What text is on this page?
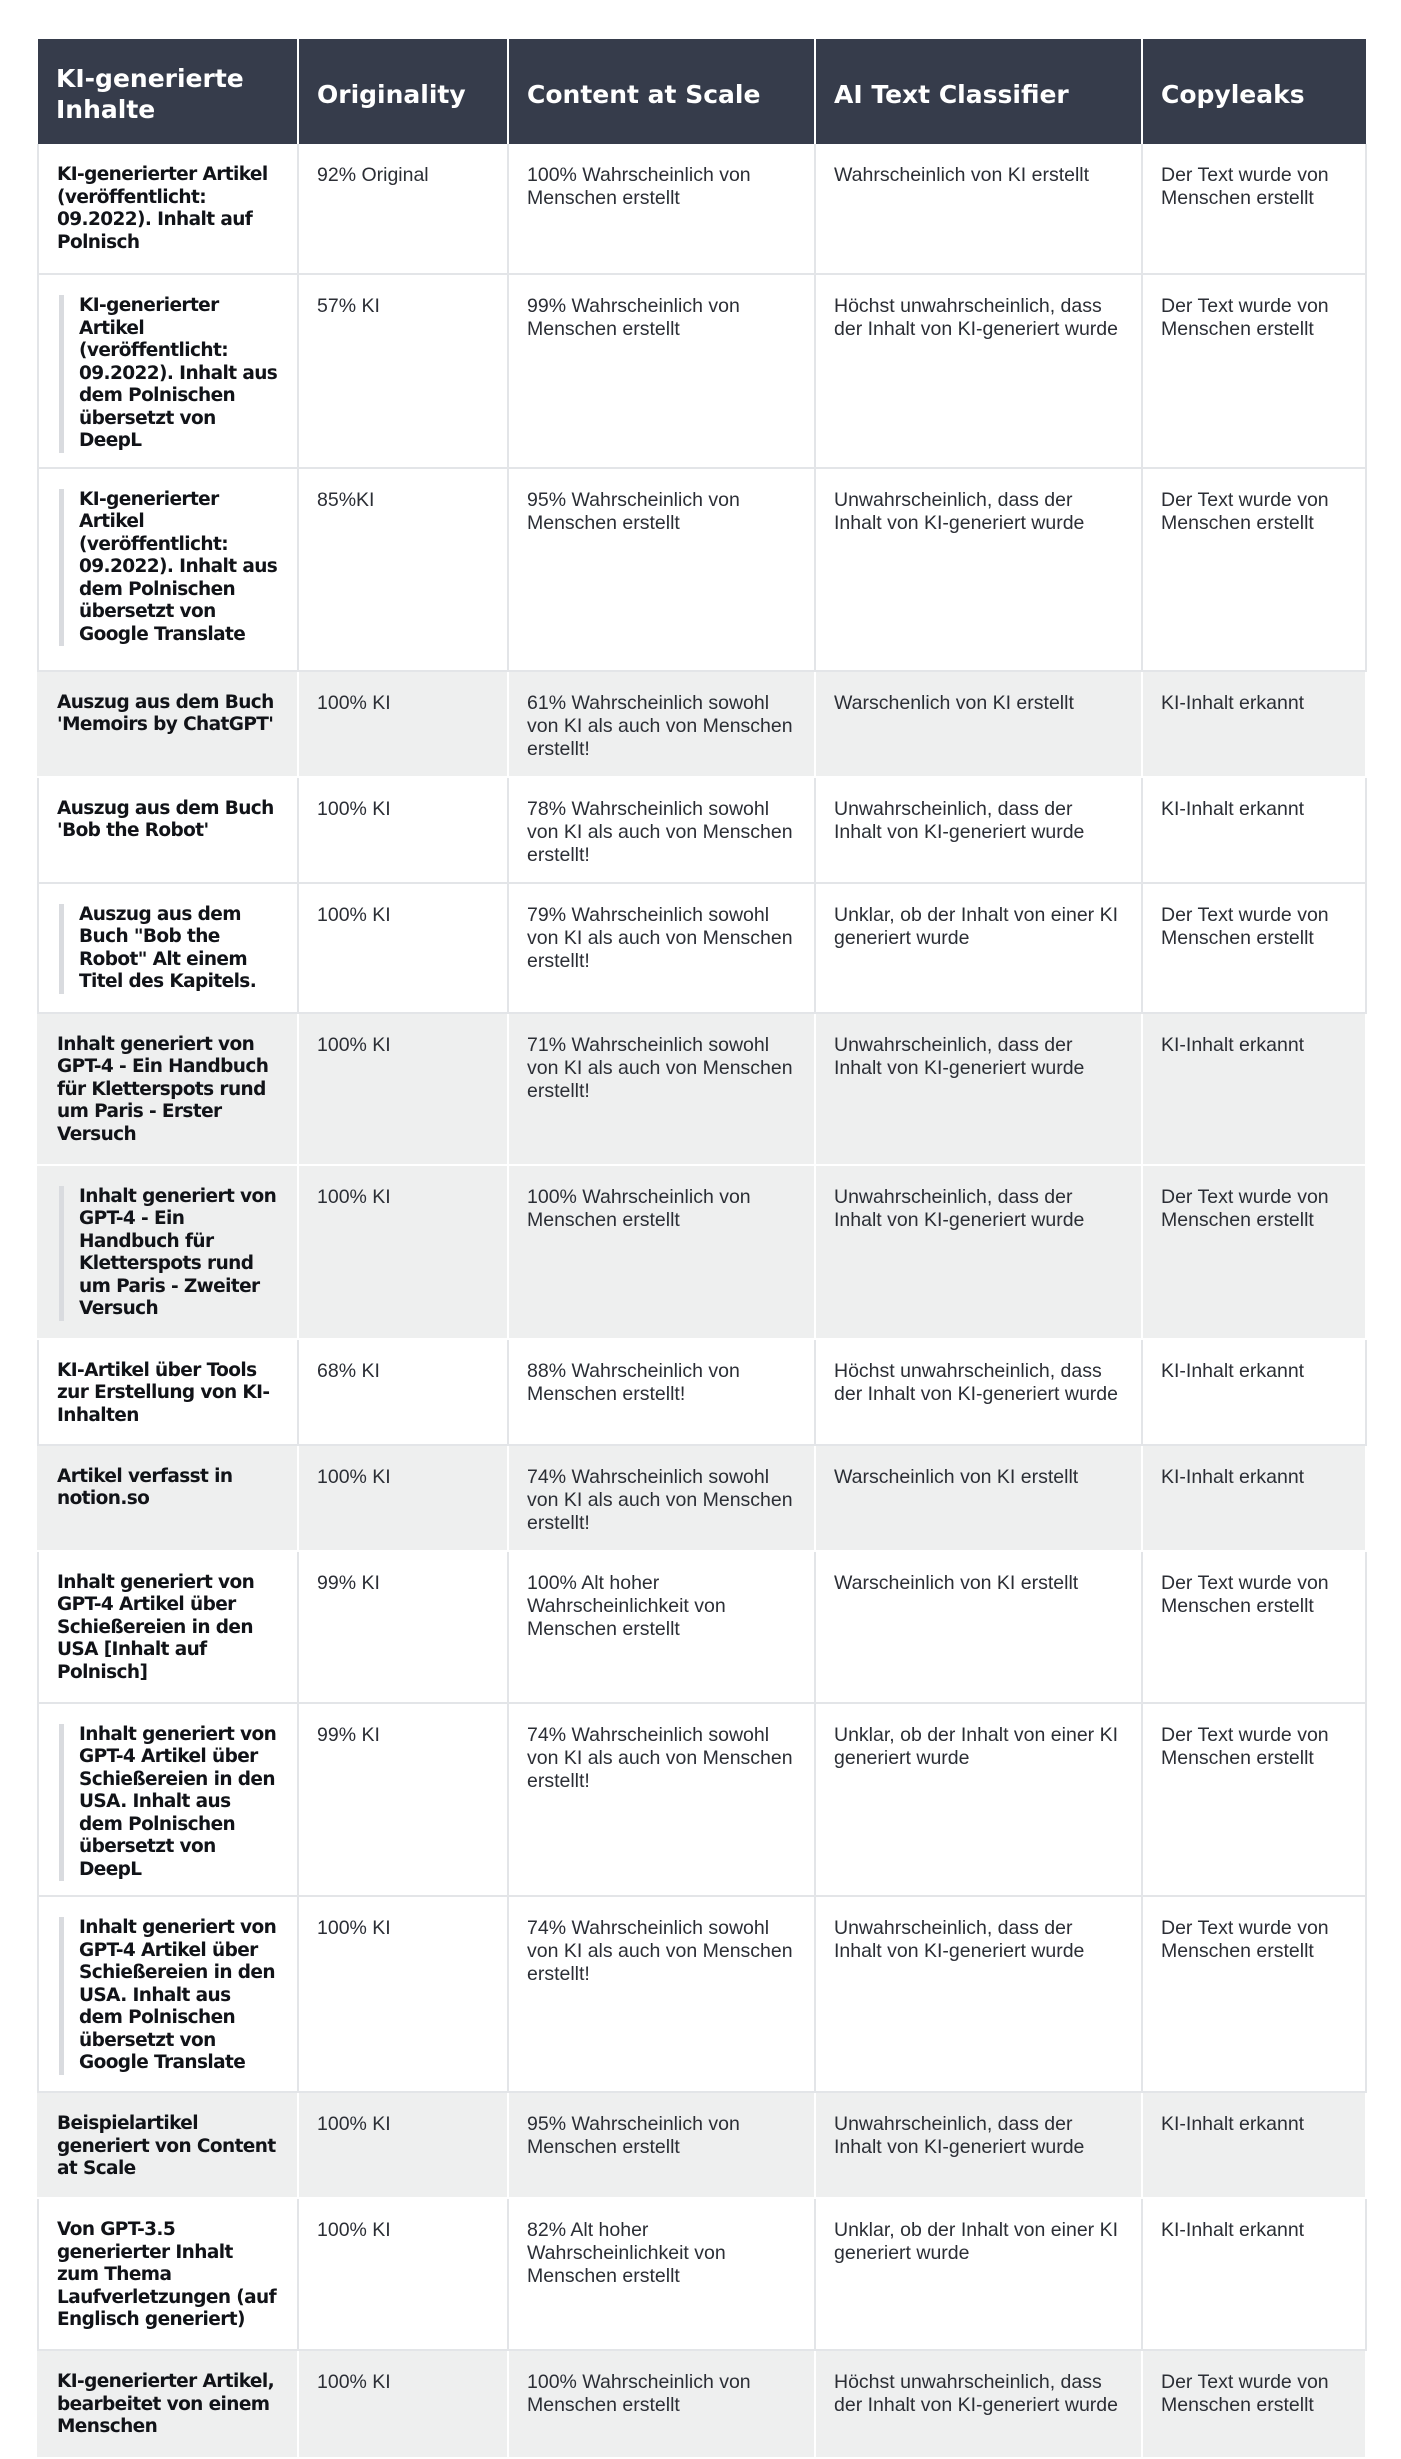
KI-generierte Inhalte	Originality	Content at Scale	AI Text Classifier	Copyleaks
KI-generierter Artikel (veröffentlicht: 09.2022). Inhalt auf Polnisch	92% Original	100% Wahrscheinlich von Menschen erstellt	Wahrscheinlich von KI erstellt	Der Text wurde von Menschen erstellt

KI-generierter Artikel (veröffentlicht: 09.2022). Inhalt aus dem Polnischen übersetzt von DeepL	57% KI	99% Wahrscheinlich von Menschen erstellt	Höchst unwahrscheinlich, dass der Inhalt von KI-generiert wurde	Der Text wurde von Menschen erstellt

KI-generierter Artikel (veröffentlicht: 09.2022). Inhalt aus dem Polnischen übersetzt von Google Translate	85%KI	95% Wahrscheinlich von Menschen erstellt	Unwahrscheinlich, dass der Inhalt von KI-generiert wurde	Der Text wurde von Menschen erstellt
Auszug aus dem Buch 'Memoirs by ChatGPT'	100% KI	61% Wahrscheinlich sowohl von KI als auch von Menschen erstellt!	Warschenlich von KI erstellt	KI-Inhalt erkannt
Auszug aus dem Buch 'Bob the Robot'	100% KI	78% Wahrscheinlich sowohl von KI als auch von Menschen erstellt!	Unwahrscheinlich, dass der Inhalt von KI-generiert wurde	KI-Inhalt erkannt

Auszug aus dem Buch "Bob the Robot" Alt einem Titel des Kapitels.	100% KI	79% Wahrscheinlich sowohl von KI als auch von Menschen erstellt!	Unklar, ob der Inhalt von einer KI generiert wurde	Der Text wurde von Menschen erstellt
Inhalt generiert von GPT-4 - Ein Handbuch für Kletterspots rund um Paris - Erster Versuch	100% KI	71% Wahrscheinlich sowohl von KI als auch von Menschen erstellt!	Unwahrscheinlich, dass der Inhalt von KI-generiert wurde	KI-Inhalt erkannt

Inhalt generiert von GPT-4 - Ein Handbuch für Kletterspots rund um Paris - Zweiter Versuch	100% KI	100% Wahrscheinlich von Menschen erstellt	Unwahrscheinlich, dass der Inhalt von KI-generiert wurde	Der Text wurde von Menschen erstellt
KI-Artikel über Tools zur Erstellung von KI-Inhalten	68% KI	88% Wahrscheinlich von Menschen erstellt!	Höchst unwahrscheinlich, dass der Inhalt von KI-generiert wurde	KI-Inhalt erkannt
Artikel verfasst in notion.so	100% KI	74% Wahrscheinlich sowohl von KI als auch von Menschen erstellt!	Warscheinlich von KI erstellt	KI-Inhalt erkannt
Inhalt generiert von GPT-4 Artikel über Schießereien in den USA [Inhalt auf Polnisch]	99% KI	100% Alt hoher Wahrscheinlichkeit von Menschen erstellt	Warscheinlich von KI erstellt	Der Text wurde von Menschen erstellt

Inhalt generiert von GPT-4 Artikel über Schießereien in den USA. Inhalt aus dem Polnischen übersetzt von DeepL	99% KI	74% Wahrscheinlich sowohl von KI als auch von Menschen erstellt!	Unklar, ob der Inhalt von einer KI generiert wurde	Der Text wurde von Menschen erstellt

Inhalt generiert von GPT-4 Artikel über Schießereien in den USA. Inhalt aus dem Polnischen übersetzt von Google Translate	100% KI	74% Wahrscheinlich sowohl von KI als auch von Menschen erstellt!	Unwahrscheinlich, dass der Inhalt von KI-generiert wurde	Der Text wurde von Menschen erstellt
Beispielartikel generiert von Content at Scale	100% KI	95% Wahrscheinlich von Menschen erstellt	Unwahrscheinlich, dass der Inhalt von KI-generiert wurde	KI-Inhalt erkannt
Von GPT-3.5 generierter Inhalt zum Thema Laufverletzungen (auf Englisch generiert)	100% KI	82% Alt hoher Wahrscheinlichkeit von Menschen erstellt	Unklar, ob der Inhalt von einer KI generiert wurde	KI-Inhalt erkannt
KI-generierter Artikel, bearbeitet von einem Menschen	100% KI	100% Wahrscheinlich von Menschen erstellt	Höchst unwahrscheinlich, dass der Inhalt von KI-generiert wurde	Der Text wurde von Menschen erstellt
